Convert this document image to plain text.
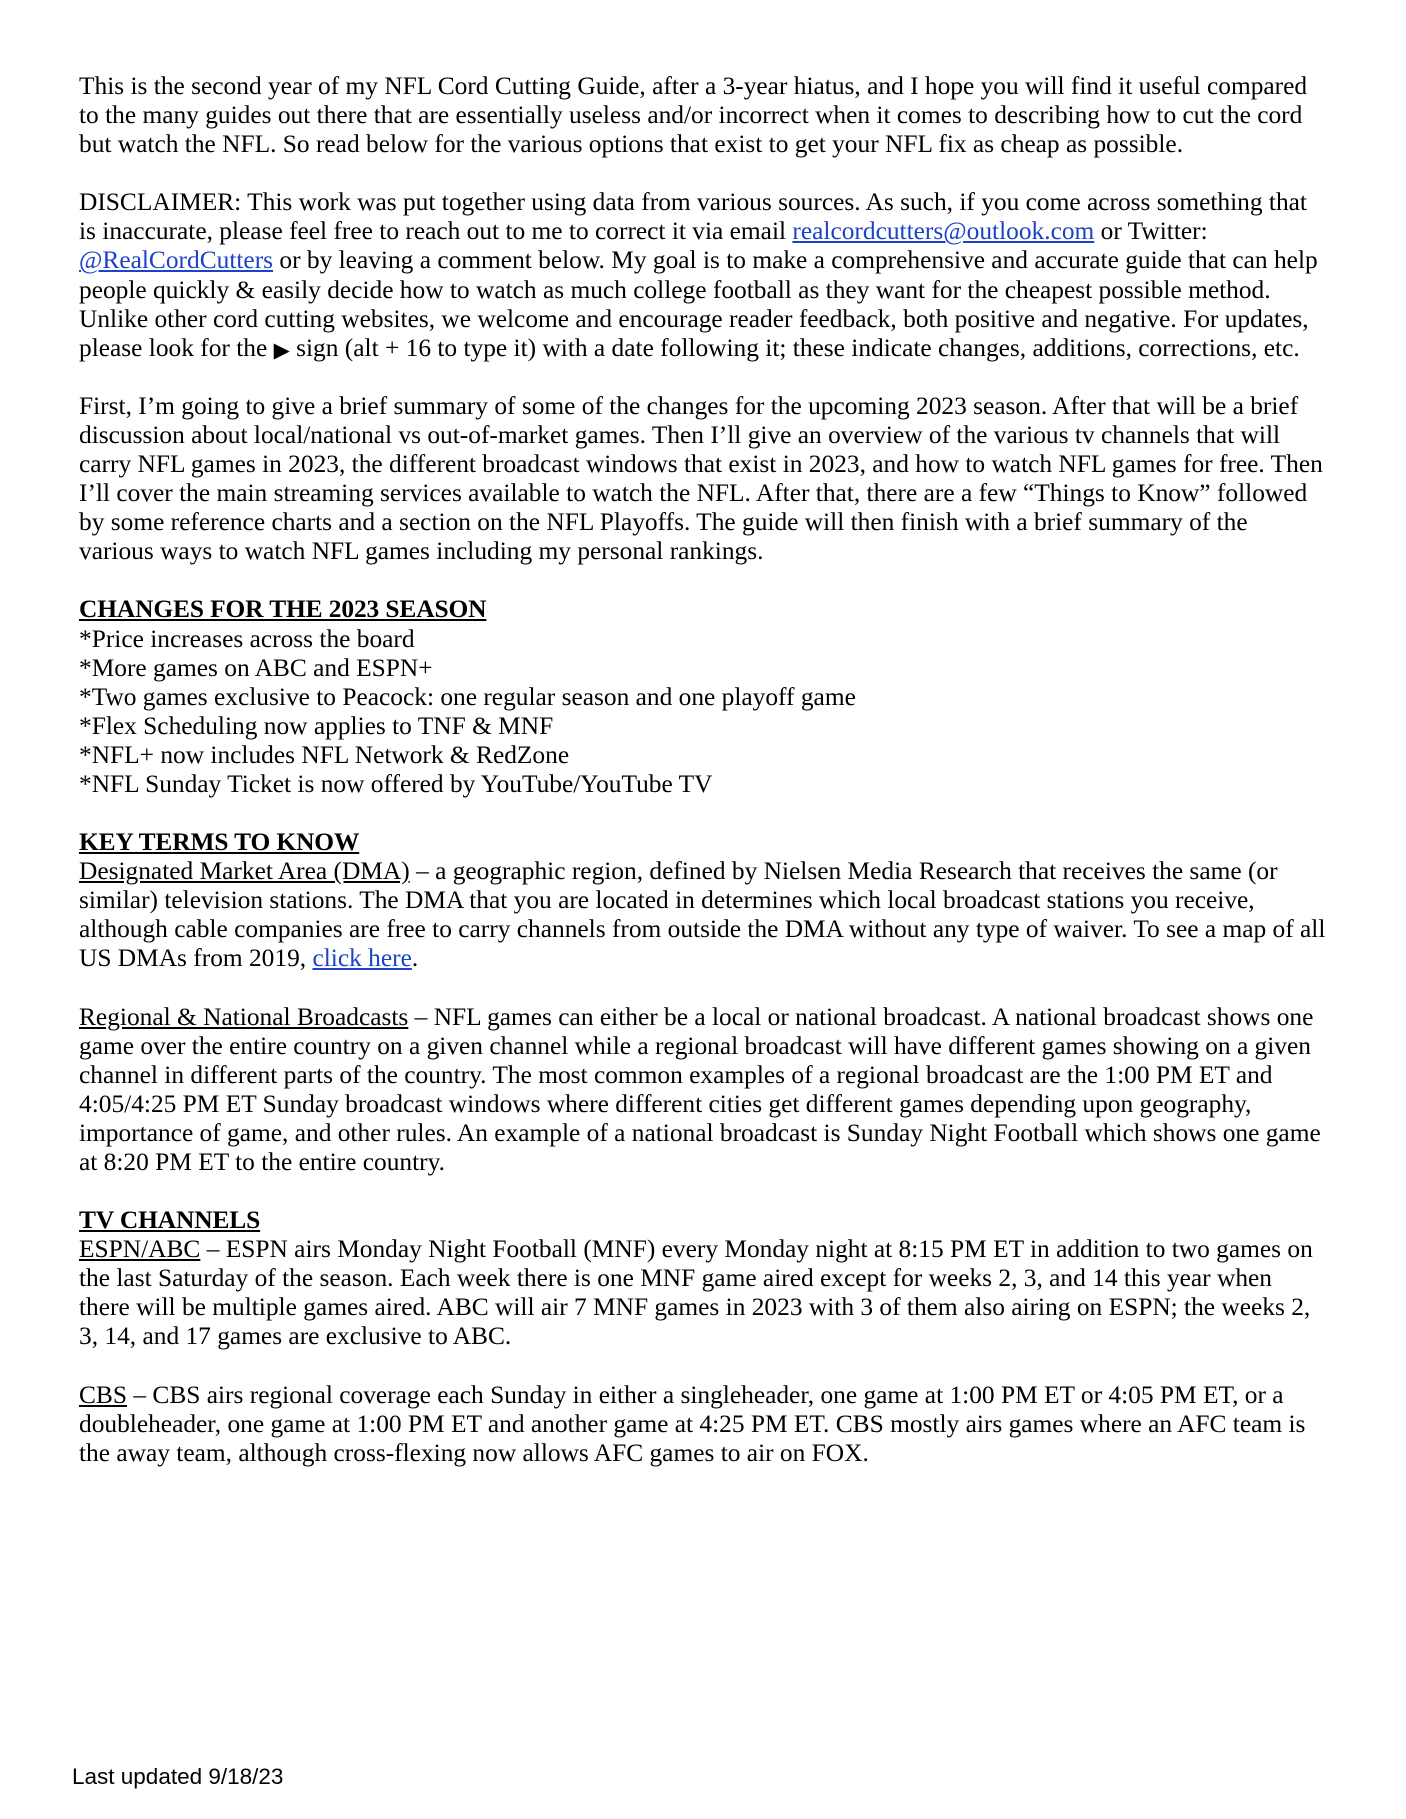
This is the second year of my NFL Cord Cutting Guide, after a 3-year hiatus, and I hope you will find it useful compared to the many guides out there that are essentially useless and/or incorrect when it comes to describing how to cut the cord but watch the NFL. So read below for the various options that exist to get your NFL fix as cheap as possible.

DISCLAIMER: This work was put together using data from various sources. As such, if you come across something that is inaccurate, please feel free to reach out to me to correct it via email realcordcutters@outlook.com or Twitter: @RealCordCutters or by leaving a comment below. My goal is to make a comprehensive and accurate guide that can help people quickly & easily decide how to watch as much college football as they want for the cheapest possible method. Unlike other cord cutting websites, we welcome and encourage reader feedback, both positive and negative. For updates, please look for the ▶ sign (alt + 16 to type it) with a date following it; these indicate changes, additions, corrections, etc.

First, I’m going to give a brief summary of some of the changes for the upcoming 2023 season. After that will be a brief discussion about local/national vs out-of-market games. Then I’ll give an overview of the various tv channels that will carry NFL games in 2023, the different broadcast windows that exist in 2023, and how to watch NFL games for free. Then I’ll cover the main streaming services available to watch the NFL. After that, there are a few “Things to Know” followed by some reference charts and a section on the NFL Playoffs. The guide will then finish with a brief summary of the various ways to watch NFL games including my personal rankings.

CHANGES FOR THE 2023 SEASON

*Price increases across the board

*More games on ABC and ESPN+

*Two games exclusive to Peacock: one regular season and one playoff game

*Flex Scheduling now applies to TNF & MNF

*NFL+ now includes NFL Network & RedZone

*NFL Sunday Ticket is now offered by YouTube/YouTube TV

KEY TERMS TO KNOW

Designated Market Area (DMA) – a geographic region, defined by Nielsen Media Research that receives the same (or similar) television stations. The DMA that you are located in determines which local broadcast stations you receive, although cable companies are free to carry channels from outside the DMA without any type of waiver. To see a map of all US DMAs from 2019, click here.

Regional & National Broadcasts – NFL games can either be a local or national broadcast. A national broadcast shows one game over the entire country on a given channel while a regional broadcast will have different games showing on a given channel in different parts of the country. The most common examples of a regional broadcast are the 1:00 PM ET and 4:05/4:25 PM ET Sunday broadcast windows where different cities get different games depending upon geography, importance of game, and other rules. An example of a national broadcast is Sunday Night Football which shows one game at 8:20 PM ET to the entire country.

TV CHANNELS

ESPN/ABC – ESPN airs Monday Night Football (MNF) every Monday night at 8:15 PM ET in addition to two games on the last Saturday of the season. Each week there is one MNF game aired except for weeks 2, 3, and 14 this year when there will be multiple games aired. ABC will air 7 MNF games in 2023 with 3 of them also airing on ESPN; the weeks 2, 3, 14, and 17 games are exclusive to ABC.

CBS – CBS airs regional coverage each Sunday in either a singleheader, one game at 1:00 PM ET or 4:05 PM ET, or a doubleheader, one game at 1:00 PM ET and another game at 4:25 PM ET. CBS mostly airs games where an AFC team is the away team, although cross-flexing now allows AFC games to air on FOX.

Last updated 9/18/23
